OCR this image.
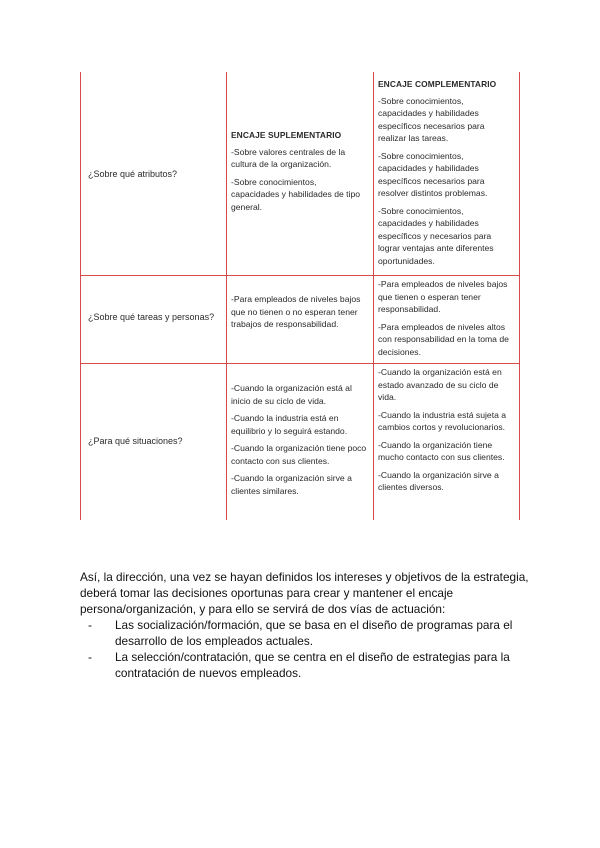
¿Sobre qué atributos?

ENCAJE SUPLEMENTARIO

-Sobre valores centrales de la cultura de la organización.

-Sobre conocimientos, capacidades y habilidades de tipo general.

ENCAJE COMPLEMENTARIO

-Sobre conocimientos, capacidades y habilidades específicos necesarios para realizar las tareas.

-Sobre conocimientos, capacidades y habilidades específicos necesarios para resolver distintos problemas.

-Sobre conocimientos, capacidades y habilidades específicos y necesarios para lograr ventajas ante diferentes oportunidades.

¿Sobre qué tareas y personas?

-Para empleados de niveles bajos que no tienen o no esperan tener trabajos de responsabilidad.

-Para empleados de niveles bajos que tienen o esperan tener responsabilidad.

-Para empleados de niveles altos con responsabilidad en la toma de decisiones.

¿Para qué situaciones?

-Cuando la organización está al inicio de su ciclo de vida.

-Cuando la industria está en equilibrio y lo seguirá estando.

-Cuando la organización tiene poco contacto con sus clientes.

-Cuando la organización sirve a clientes similares.

-Cuando la organización está en estado avanzado de su ciclo de vida.

-Cuando la industria está sujeta a cambios cortos y revolucionarios.

-Cuando la organización tiene mucho contacto con sus clientes.

-Cuando la organización sirve a clientes diversos.

Así, la dirección, una vez se hayan definidos los intereses y objetivos de la estrategia, deberá tomar las decisiones oportunas para crear y mantener el encaje persona/organización, y para ello se servirá de dos vías de actuación:

- Las socialización/formación, que se basa en el diseño de programas para el desarrollo de los empleados actuales.
- La selección/contratación, que se centra en el diseño de estrategias para la contratación de nuevos empleados.
